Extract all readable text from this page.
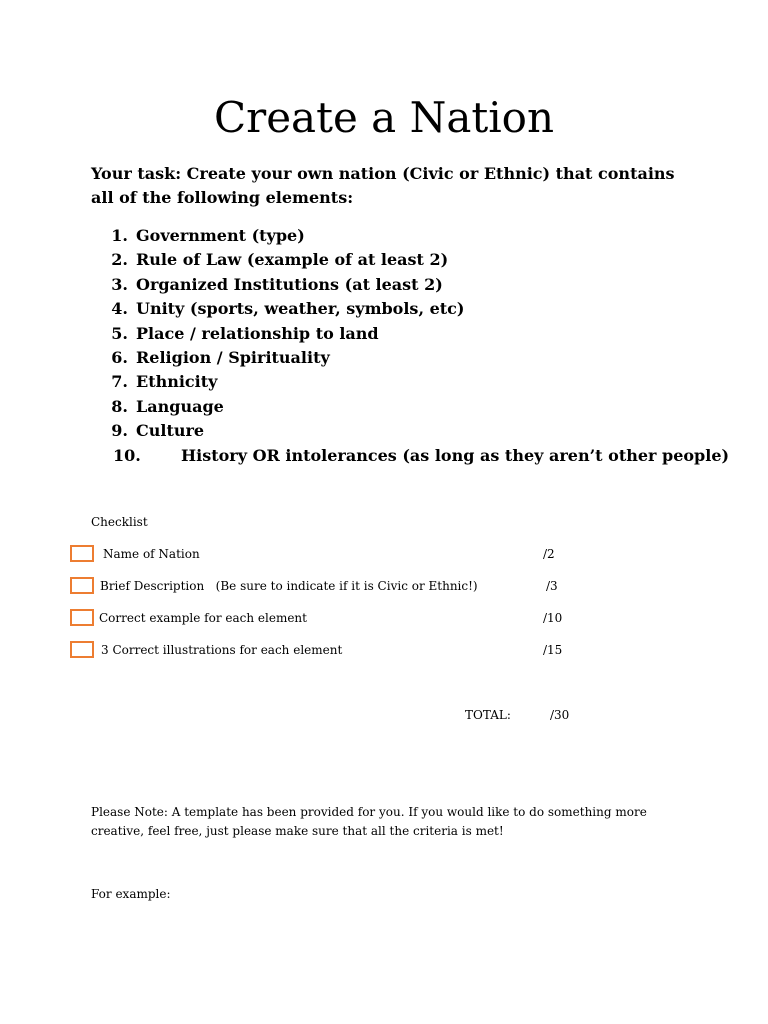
Create a Nation

Your task: Create your own nation (Civic or Ethnic) that contains all of the following elements:

1. Government (type)
2. Rule of Law (example of at least 2)
3. Organized Institutions (at least 2)
4. Unity (sports, weather, symbols, etc)
5. Place / relationship to land
6. Religion / Spirituality
7. Ethnicity
8. Language
9. Culture
10.	History OR intolerances (as long as they aren’t other people)

Checklist

Name of Nation	/2
Brief Description   (Be sure to indicate if it is Civic or Ethnic!)	/3
Correct example for each element	/10
3 Correct illustrations for each element	/15
TOTAL:	/30

Please Note: A template has been provided for you. If you would like to do something more creative, feel free, just please make sure that all the criteria is met!

For example:
